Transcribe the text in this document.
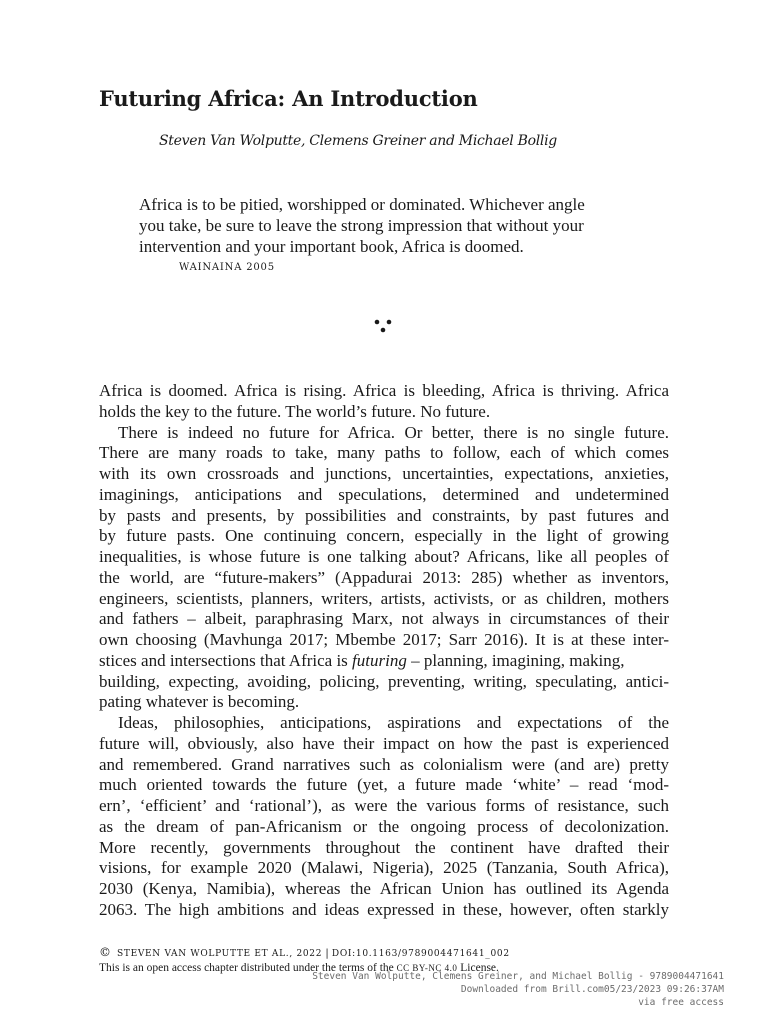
Futuring Africa: An Introduction

Steven Van Wolputte, Clemens Greiner and Michael Bollig

Africa is to be pitied, worshipped or dominated. Whichever angle
you take, be sure to leave the strong impression that without your
intervention and your important book, Africa is doomed.
WAINAINA 2005
Africa is doomed. Africa is rising. Africa is bleeding, Africa is thriving. Africa
holds the key to the future. The world’s future. No future.
There is indeed no future for Africa. Or better, there is no single future.
There are many roads to take, many paths to follow, each of which comes
with its own crossroads and junctions, uncertainties, expectations, anxieties,
imaginings, anticipations and speculations, determined and undetermined
by pasts and presents, by possibilities and constraints, by past futures and
by future pasts. One continuing concern, especially in the light of growing
inequalities, is whose future is one talking about? Africans, like all peoples of
the world, are “future-makers” (Appadurai 2013: 285) whether as inventors,
engineers, scientists, planners, writers, artists, activists, or as children, mothers
and fathers – albeit, paraphrasing Marx, not always in circumstances of their
own choosing (Mavhunga 2017; Mbembe 2017; Sarr 2016). It is at these inter-
stices and intersections that Africa is futuring – planning, imagining, making,
building, expecting, avoiding, policing, preventing, writing, speculating, antici-
pating whatever is becoming.
Ideas, philosophies, anticipations, aspirations and expectations of the
future will, obviously, also have their impact on how the past is experienced
and remembered. Grand narratives such as colonialism were (and are) pretty
much oriented towards the future (yet, a future made ‘white’ – read ‘mod-
ern’, ‘efficient’ and ‘rational’), as were the various forms of resistance, such
as the dream of pan-Africanism or the ongoing process of decolonization.
More recently, governments throughout the continent have drafted their
visions, for example 2020 (Malawi, Nigeria), 2025 (Tanzania, South Africa),
2030 (Kenya, Namibia), whereas the African Union has outlined its Agenda
2063. The high ambitions and ideas expressed in these, however, often starkly
© STEVEN VAN WOLPUTTE ET AL., 2022 | DOI:10.1163/9789004471641_002
This is an open access chapter distributed under the terms of the CC BY-NC 4.0 License.
Steven Van Wolputte, Clemens Greiner, and Michael Bollig - 9789004471641
Downloaded from Brill.com05/23/2023 09:26:37AM
via free access
